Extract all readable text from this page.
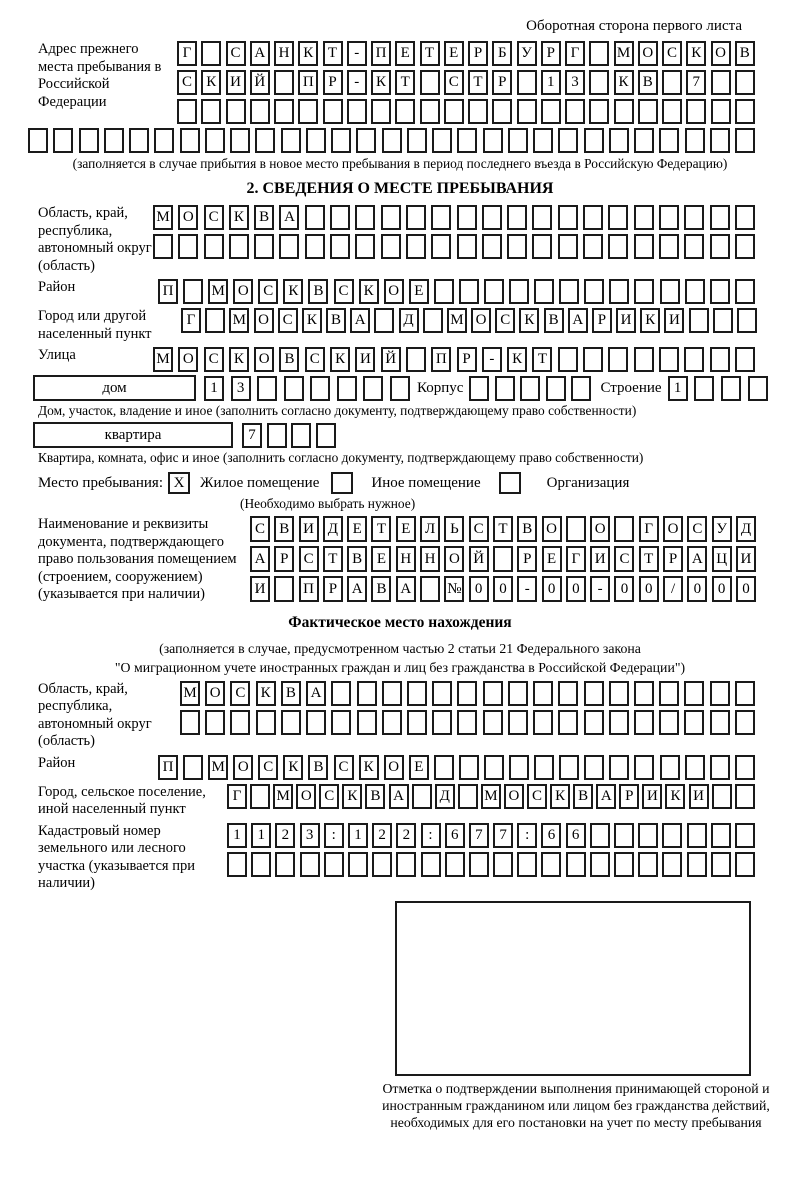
Оборотная сторона первого листа
Адрес прежнего места пребывания в Российской Федерации
Г	С А Н К Т	-	П Е	Т	Е	Р	Б У Р	Г	М О С К О В
С К И Й	П Р	-	К Т	С Т	Р	1	3	К В	7
(заполняется в случае прибытия в новое место пребывания в период последнего въезда в Российскую Федерацию)
2. СВЕДЕНИЯ О МЕСТЕ ПРЕБЫВАНИЯ
Область, край, республика, автономный округ (область)
М О С	К	В А
Район	П	М О С	К	В	С	К О	Е
Город или другой населенный пункт
Г	М О С К В А	Д	М О С К В А Р И К И
Улица	М О С	К О В	С	К И Й	П	Р	-	К	Т
дом	1	3	Корпус	Строение 1
Дом, участок, владение и иное (заполнить согласно документу, подтверждающему право собственности)
квартира	7
Квартира, комната, офис и иное (заполнить согласно документу, подтверждающему право собственности)
Место пребывания: X	Жилое помещение	Иное помещение	Организация
(Необходимо выбрать нужное)
Наименование и реквизиты документа, подтверждающего право пользования помещением (строением, сооружением) (указывается при наличии)
С В И Д Е	Т	Е Л Ь С Т В О	О	Г О С У Д
А Р	С Т В Е Н Н О Й	Р	Е	Г И С Т	Р А Ц И
И	П Р А В А	№ 0	0	-	0	0	-	0	0	/	0	0	0
Фактическое место нахождения
(заполняется в случае, предусмотренном частью 2 статьи 21 Федерального закона
"О миграционном учете иностранных граждан и лиц без гражданства в Российской Федерации")
Область, край, республика, автономный округ (область)
М О С	К	В А
Район	П	М О С	К	В	С	К О	Е
Город, сельское поселение, иной населенный пункт
Г	М О С К В А	Д	М О С К В А Р И К И
Кадастровый номер земельного или лесного участка (указывается при наличии)
1	1	2	3	:	1	2	2	:	6	7	7	:	6	6
Отметка о подтверждении выполнения принимающей стороной и иностранным гражданином или лицом без гражданства действий, необходимых для его постановки на учет по месту пребывания
